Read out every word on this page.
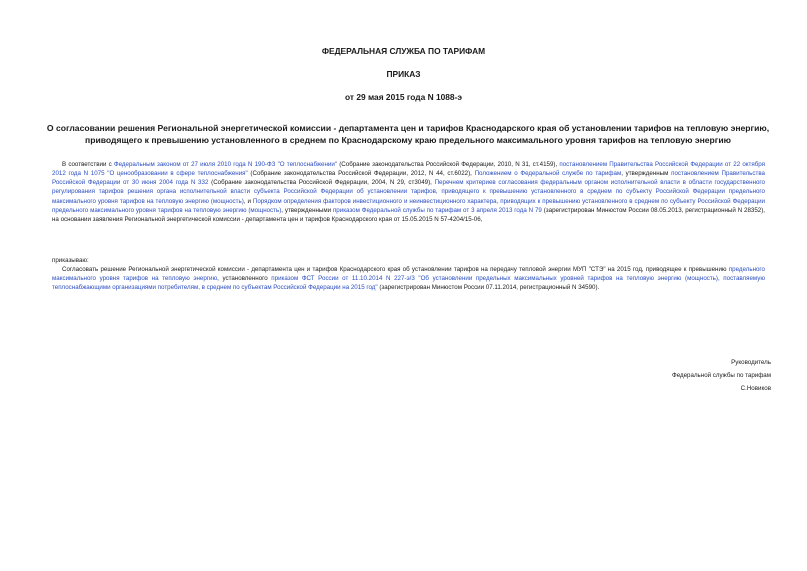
ФЕДЕРАЛЬНАЯ СЛУЖБА ПО ТАРИФАМ
ПРИКАЗ
от 29 мая 2015 года N 1088-э
О согласовании решения Региональной энергетической комиссии - департамента цен и тарифов Краснодарского края об установлении тарифов на тепловую энергию, приводящего к превышению установленного в среднем по Краснодарскому краю предельного максимального уровня тарифов на тепловую энергию
В соответствии с Федеральным законом от 27 июля 2010 года N 190-ФЗ "О теплоснабжении" (Собрание законодательства Российской Федерации, 2010, N 31, ст.4159), постановлением Правительства Российской Федерации от 22 октября 2012 года N 1075 "О ценообразовании в сфере теплоснабжения" (Собрание законодательства Российской Федерации, 2012, N 44, ст.6022), Положением о Федеральной службе по тарифам, утвержденным постановлением Правительства Российской Федерации от 30 июня 2004 года N 332 (Собрание законодательства Российской Федерации, 2004, N 29, ст3049), Перечнем критериев согласования федеральным органом исполнительной власти в области государственного регулирования тарифов решения органа исполнительной власти субъекта Российской Федерации об установлении тарифов, приводящего к превышению установленного в среднем по субъекту Российской Федерации предельного максимального уровня тарифов на тепловую энергию (мощность), и Порядком определения факторов инвестиционного и неинвестиционного характера, приводящих к превышению установленного в среднем по субъекту Российской Федерации предельного максимального уровня тарифов на тепловую энергию (мощность), утвержденными приказом Федеральной службы по тарифам от 3 апреля 2013 года N 79 (зарегистрирован Минюстом России 08.05.2013, регистрационный N 28352), на основании заявления Региональной энергетической комиссии - департамента цен и тарифов Краснодарского края от 15.05.2015 N 57-4204/15-06,
приказываю:
Согласовать решение Региональной энергетической комиссии - департамента цен и тарифов Краснодарского края об установлении тарифов на передачу тепловой энергии МУП "СТЭ" на 2015 год, приводящее к превышению предельного максимального уровня тарифов на тепловую энергию, установленного приказом ФСТ России от 11.10.2014 N 227-э/3 "Об установлении предельных максимальных уровней тарифов на тепловую энергию (мощность), поставляемую теплоснабжающими организациями потребителям, в среднем по субъектам Российской Федерации на 2015 год" (зарегистрирован Минюстом России 07.11.2014, регистрационный N 34590).
Руководитель
Федеральной службы по тарифам
С.Новиков
